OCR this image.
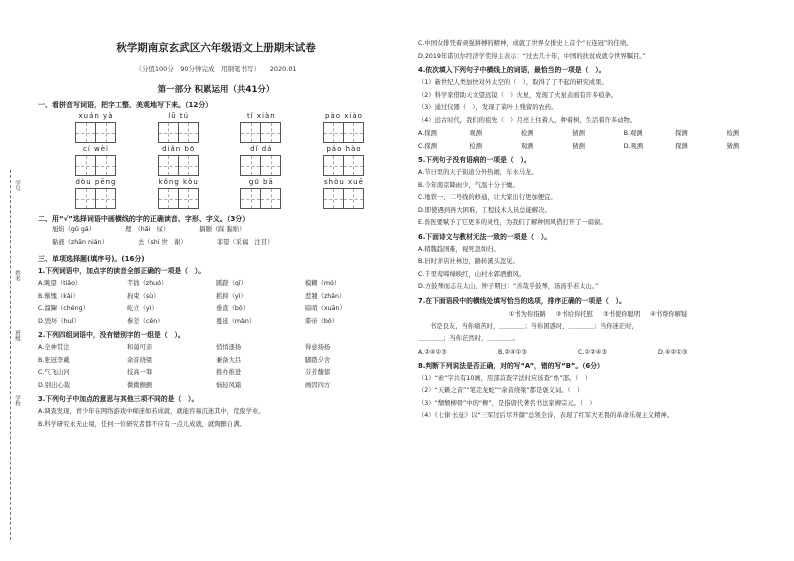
学号
姓名
班级
学校
秋学期南京玄武区六年级语文上册期末试卷
（分值100分　90分钟完成　用钢笔书写）　　2020.01
第一部分 积累运用（共41分）
一、看拼音写词语，把字工整、美观地写下来。（12分）
xuán yà	lǚ tú	tǐ xiàn	pào xiào
cí wèi	diǎn bō	dǐ dá	páo hào
dòu pēng	kǒng kǒu	gū bā	shòu xuē
二、用“√”选择词语中画横线的字的正确读音、字形、字义。（3分）
旭焰（gǔ gā）	理　（hǎi　尿）	搞颐（踩 黏贴）
黏液（zhān nián）	去（shí 世　谢）	菲望（采福　注目）
三、单项选择题(填序号)。(16分)
1.下列词语中，加点字的读音全部正确的一项是（　）。
A.眺望（tiǎo）	芊拙（zhuó）	蹊跷（qī）	模糊（mó）
B.惭愧（kǎi）	拘束（sù）	抓抑（yì）	惹翘（zhān）
C.溜蹿（chéng）	屹立（yì）	垂直（bó）	暗哨（xuān）
D.毁坏（huǐ）	参差（cēn）	蔓延（màn）	滞帝（bō）
2.下列四组词语中，没有错别字的一组是（　）。
A.全神贯注	和蔼可亲	悄悄逐扬	得意扬扬
B.张冠李戴	余音绕梁	兼备大吕	脚踏夕舍
C.气飞山河	技高一筹	推办推进	芬芳馥郁
D.别出心裁	微微颤颤	恼轻风霜	画因四方
3.下列句子中加点的意思与其他三项不同的是（　）。
A.调查发现，青少年在网络游戏中痴迷如若成就，就能容易沉迷其中，荒废学业。
B.科学研究永无止境，任何一位研究者都不应有一点儿成就，就陶醉自满。
C.中国女排凭着顽强拼搏的精神，成就了世界女排史上首个“五连冠”的佳绩。
D.2019年诺贝尔经济学奖得主表示：“过去几十年，中国的扶贫成就令世界瞩目。”
4.依次填入下列句子中横线上的词语，最恰当的一项是（　）。
（1）新世纪人类加快对外太空的（　），取得了了不起的研究成果。
（2）科学家借助天文望远镜（　）火星，发现了火星表面有许多痕条。
（3）通过仪器（　），发现了菜叶上残留的农药。
（4）远古时代，我们的祖先（　）月亮上住着人，种着树，生活着许多动物。
A.探测	观测	检测	猜测	B.观测	探测	检测
C.探测	检测	观测	猜测	D.观测	探测	猜测
5.下列句子没有语病的一项是（　）。
A.节日里的天子街道分外热闹，车水马龙。
B.今年南京降雨少，气温十分干燥。
C.地铁一、二号线的修通，让大家出行更加便宜。
D.即使遇到再大困难，工程技术人员总能解决。
E.兽医要赋予了它更多的灵性，为我们了解种国风借打开了一扇窗。
6.下面诗文与教材无法一致的一项是（　）。
A.稍魏趋国难，视死忽如归。
B.旧时茅店社林边，路转溪头忽见。
C.千里莺啼绿映红，山村水郭酒旗风。
D.方鼓琴而志在太山，钟子期曰：“善哉乎鼓琴，汤汤乎若太山。”
7.在下面语段中的横线处填写恰当的选项，排序正确的一项是（　）。
①书为你指路 ②书给你托慰 ③书使你聪明 ④书帮你解疑
书是良友，当你痛苦时，＿＿＿＿；当你困惑时，＿＿＿＿；当你迷茫时，
＿＿＿＿；当你茫然时，＿＿＿＿。
A.②④①③	B.②④①③	C.①②④③	D.④②①③
8.判断下列说法是否正确，对的写“A”，错的写“B”。（6分）
（1）“索”字共有10画，用部首查字法时应该查“糸”部。（　）
（2）“天籁之音”“笔走龙蛇”“余音绕梁”都是褒义词。（　）
（3）“颓颓柳骨”中的“柳”，是指唐代著名书法家柳宗元。（　）
（4）《七律·长征》以“三军过后尽开颜”总领全诗，表现了红军大无畏的革命乐观主义精神。
